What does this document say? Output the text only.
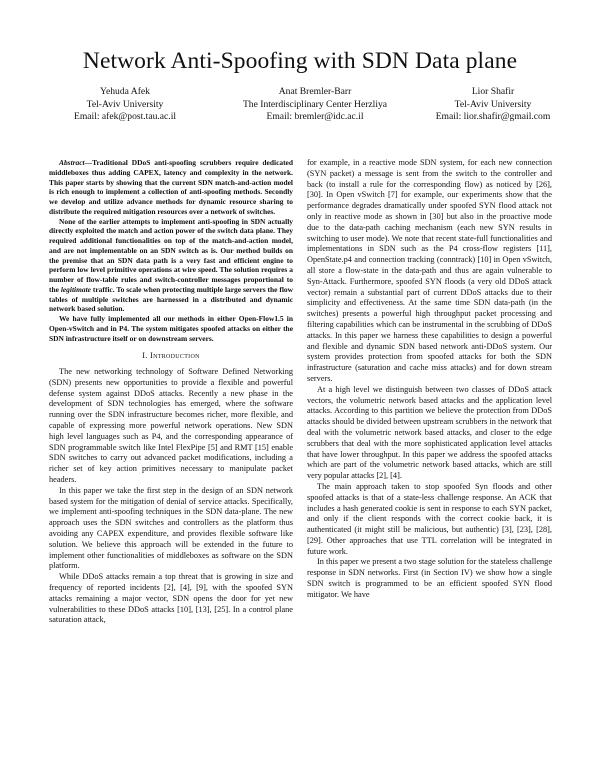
Network Anti-Spoofing with SDN Data plane
Yehuda Afek
Tel-Aviv University
Email: afek@post.tau.ac.il
Anat Bremler-Barr
The Interdisciplinary Center Herzliya
Email: bremler@idc.ac.il
Lior Shafir
Tel-Aviv University
Email: lior.shafir@gmail.com

Abstract—Traditional DDoS anti-spoofing scrubbers require dedicated middleboxes thus adding CAPEX, latency and complexity in the network. This paper starts by showing that the current SDN match-and-action model is rich enough to implement a collection of anti-spoofing methods. Secondly we develop and utilize advance methods for dynamic resource sharing to distribute the required mitigation resources over a network of switches.

None of the earlier attempts to implement anti-spoofing in SDN actually directly exploited the match and action power of the switch data plane. They required additional functionalities on top of the match-and-action model, and are not implementable on an SDN switch as is. Our method builds on the premise that an SDN data path is a very fast and efficient engine to perform low level primitive operations at wire speed. The solution requires a number of flow-table rules and switch-controller messages proportional to the legitimate traffic. To scale when protecting multiple large servers the flow tables of multiple switches are harnessed in a distributed and dynamic network based solution.

We have fully implemented all our methods in either Open-Flow1.5 in Open-vSwitch and in P4. The system mitigates spoofed attacks on either the SDN infrastructure itself or on downstream servers.

I. Introduction

The new networking technology of Software Defined Networking (SDN) presents new opportunities to provide a flexible and powerful defense system against DDoS attacks. Recently a new phase in the development of SDN technologies has emerged, where the software running over the SDN infrastructure becomes richer, more flexible, and capable of expressing more powerful network operations. New SDN high level languages such as P4, and the corresponding appearance of SDN programmable switch like Intel FlexPipe [5] and RMT [15] enable SDN switches to carry out advanced packet modifications, including a richer set of key action primitives necessary to manipulate packet headers.

In this paper we take the first step in the design of an SDN network based system for the mitigation of denial of service attacks. Specifically, we implement anti-spoofing techniques in the SDN data-plane. The new approach uses the SDN switches and controllers as the platform thus avoiding any CAPEX expenditure, and provides flexible software like solution. We believe this approach will be extended in the future to implement other functionalities of middleboxes as software on the SDN platform.

While DDoS attacks remain a top threat that is growing in size and frequency of reported incidents [2], [4], [9], with the spoofed SYN attacks remaining a major vector, SDN opens the door for yet new vulnerabilities to these DDoS attacks [10], [13], [25]. In a control plane saturation attack,

for example, in a reactive mode SDN system, for each new connection (SYN packet) a message is sent from the switch to the controller and back (to install a rule for the corresponding flow) as noticed by [26], [30]. In Open vSwitch [7] for example, our experiments show that the performance degrades dramatically under spoofed SYN flood attack not only in reactive mode as shown in [30] but also in the proactive mode due to the data-path caching mechanism (each new SYN results in switching to user mode). We note that recent state-full functionalities and implementations in SDN such as the P4 cross-flow registers [11], OpenState.p4 and connection tracking (conntrack) [10] in Open vSwitch, all store a flow-state in the data-path and thus are again vulnerable to Syn-Attack. Furthermore, spoofed SYN floods (a very old DDoS attack vector) remain a substantial part of current DDoS attacks due to their simplicity and effectiveness. At the same time SDN data-path (in the switches) presents a powerful high throughput packet processing and filtering capabilities which can be instrumental in the scrubbing of DDoS attacks. In this paper we harness these capabilities to design a powerful and flexible and dynamic SDN based network anti-DDoS system. Our system provides protection from spoofed attacks for both the SDN infrastructure (saturation and cache miss attacks) and for down stream servers.

At a high level we distinguish between two classes of DDoS attack vectors, the volumetric network based attacks and the application level attacks. According to this partition we believe the protection from DDoS attacks should be divided between upstream scrubbers in the network that deal with the volumetric network based attacks, and closer to the edge scrubbers that deal with the more sophisticated application level attacks that have lower throughput. In this paper we address the spoofed attacks which are part of the volumetric network based attacks, which are still very popular attacks [2], [4].

The main approach taken to stop spoofed Syn floods and other spoofed attacks is that of a state-less challenge response. An ACK that includes a hash generated cookie is sent in response to each SYN packet, and only if the client responds with the correct cookie back, it is authenticated (it might still be malicious, but authentic) [3], [23], [28], [29]. Other approaches that use TTL correlation will be integrated in future work.

In this paper we present a two stage solution for the stateless challenge response in SDN networks. First (in Section IV) we show how a single SDN switch is programmed to be an efficient spoofed SYN flood mitigator. We have
